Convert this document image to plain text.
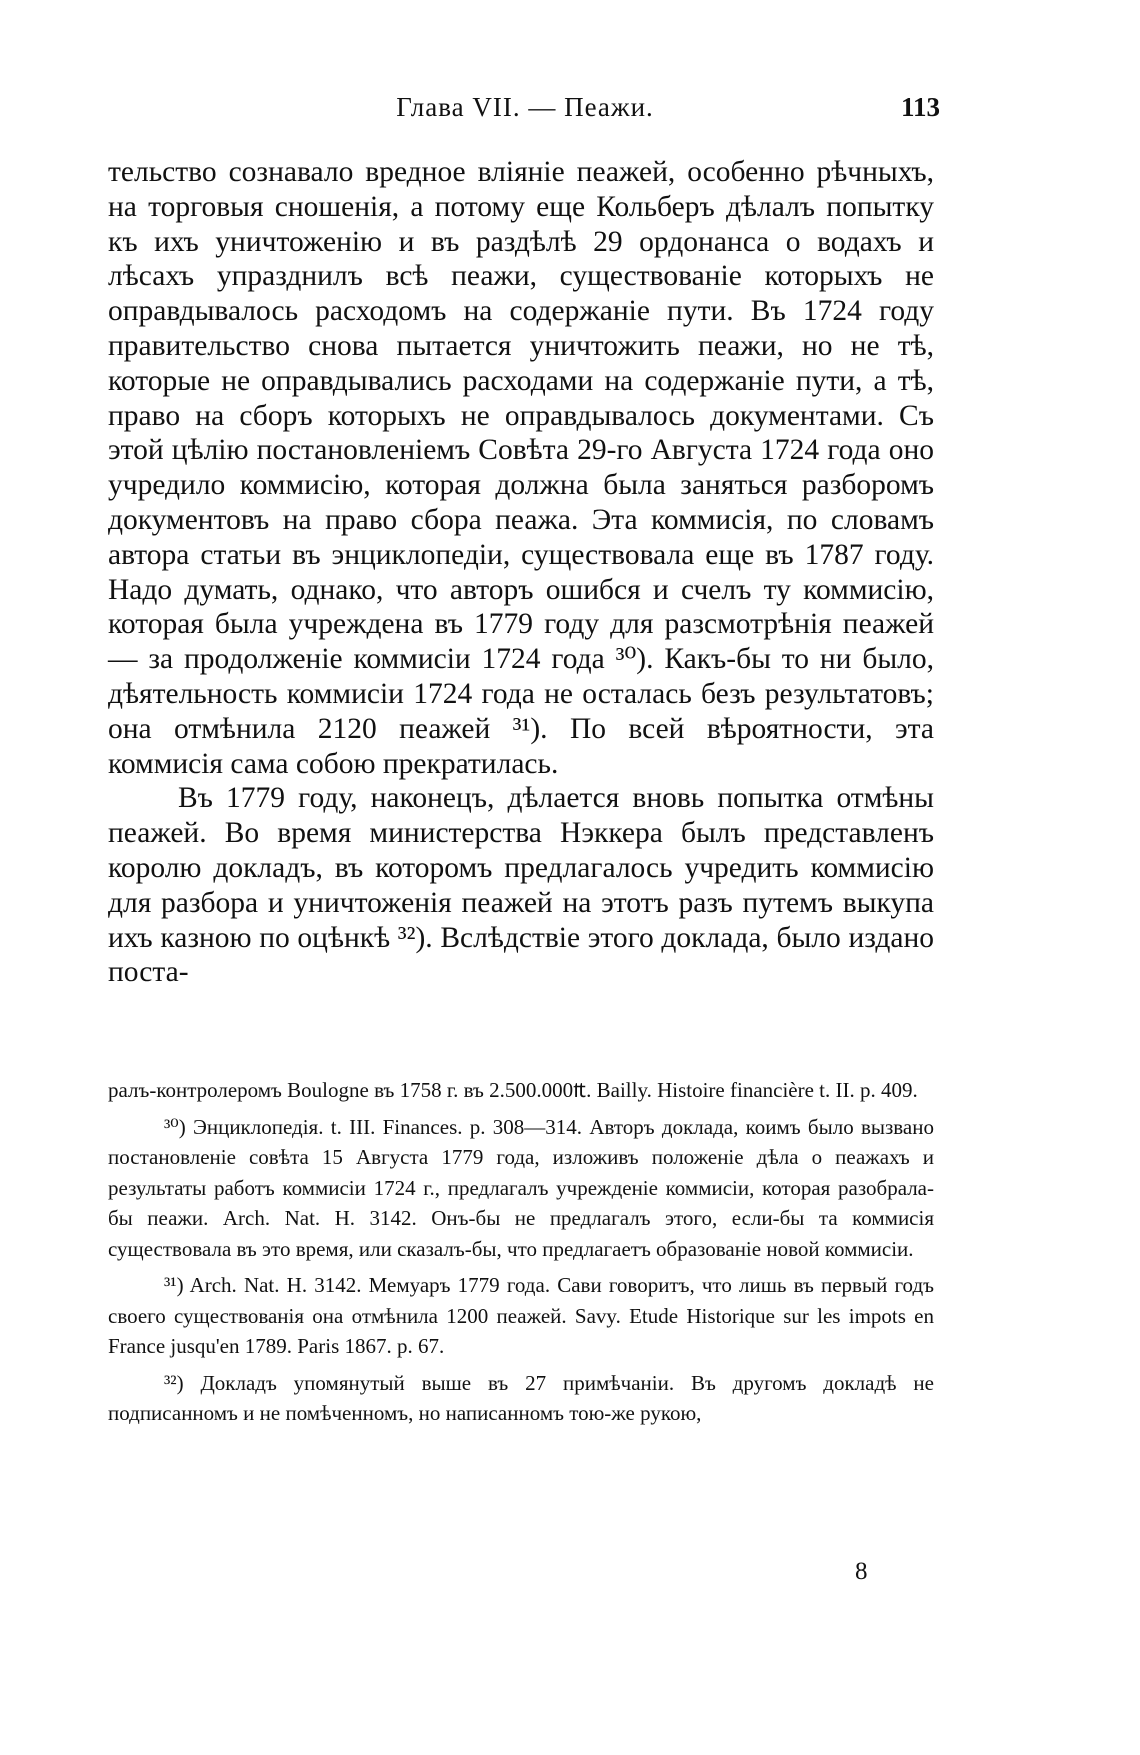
Глава VII. — Пеажи.	113

тельство сознавало вредное вліяніе пеажей, особенно рѣчныхъ, на торговыя сношенія, а потому еще Кольберъ дѣлалъ попытку къ ихъ уничтоженію и въ раздѣлѣ 29 ордонанса о водахъ и лѣсахъ упразднилъ всѣ пеажи, существованіе которыхъ не оправдывалось расходомъ на содержаніе пути. Въ 1724 году правительство снова пытается уничтожить пеажи, но не тѣ, которые не оправдывались расходами на содержаніе пути, а тѣ, право на сборъ которыхъ не оправдывалось документами. Съ этой цѣлію постановленіемъ Совѣта 29-го Августа 1724 года оно учредило коммисію, которая должна была заняться разборомъ документовъ на право сбора пеажа. Эта коммисія, по словамъ автора статьи въ энциклопедіи, существовала еще въ 1787 году. Надо думать, однако, что авторъ ошибся и счелъ ту коммисію, которая была учреждена въ 1779 году для разсмотрѣнія пеажей — за продолженіе коммисіи 1724 года ³⁰). Какъ-бы то ни было, дѣятельность коммисіи 1724 года не осталась безъ результатовъ; она отмѣнила 2120 пеажей ³¹). По всей вѣроятности, эта коммисія сама собою прекратилась.

Въ 1779 году, наконецъ, дѣлается вновь попытка отмѣны пеажей. Во время министерства Нэккера былъ представленъ королю докладъ, въ которомъ предлагалось учредить коммисію для разбора и уничтоженія пеажей на этотъ разъ путемъ выкупа ихъ казною по оцѣнкѣ ³²). Вслѣдствіе этого доклада, было издано поста-

ралъ-контролеромъ Boulogne въ 1758 г. въ 2.500.000₶. Bailly. Histoire financière t. II. p. 409.

³⁰) Энциклопедія. t. III. Finances. p. 308—314. Авторъ доклада, коимъ было вызвано постановленіе совѣта 15 Августа 1779 года, изложивъ положеніе дѣла о пеажахъ и результаты работъ коммисіи 1724 г., предлагалъ учрежденіе коммисіи, которая разобрала-бы пеажи. Arch. Nat. H. 3142. Онъ-бы не предлагалъ этого, если-бы та коммисія существовала въ это время, или сказалъ-бы, что предлагаетъ образованіе новой коммисіи.

³¹) Arch. Nat. H. 3142. Мемуаръ 1779 года. Сави говоритъ, что лишь въ первый годъ своего существованія она отмѣнила 1200 пеажей. Savy. Etude Historique sur les impots en France jusqu'en 1789. Paris 1867. p. 67.

³²) Докладъ упомянутый выше въ 27 примѣчаніи. Въ другомъ докладѣ не подписанномъ и не помѣченномъ, но написанномъ тою-же рукою,

8
